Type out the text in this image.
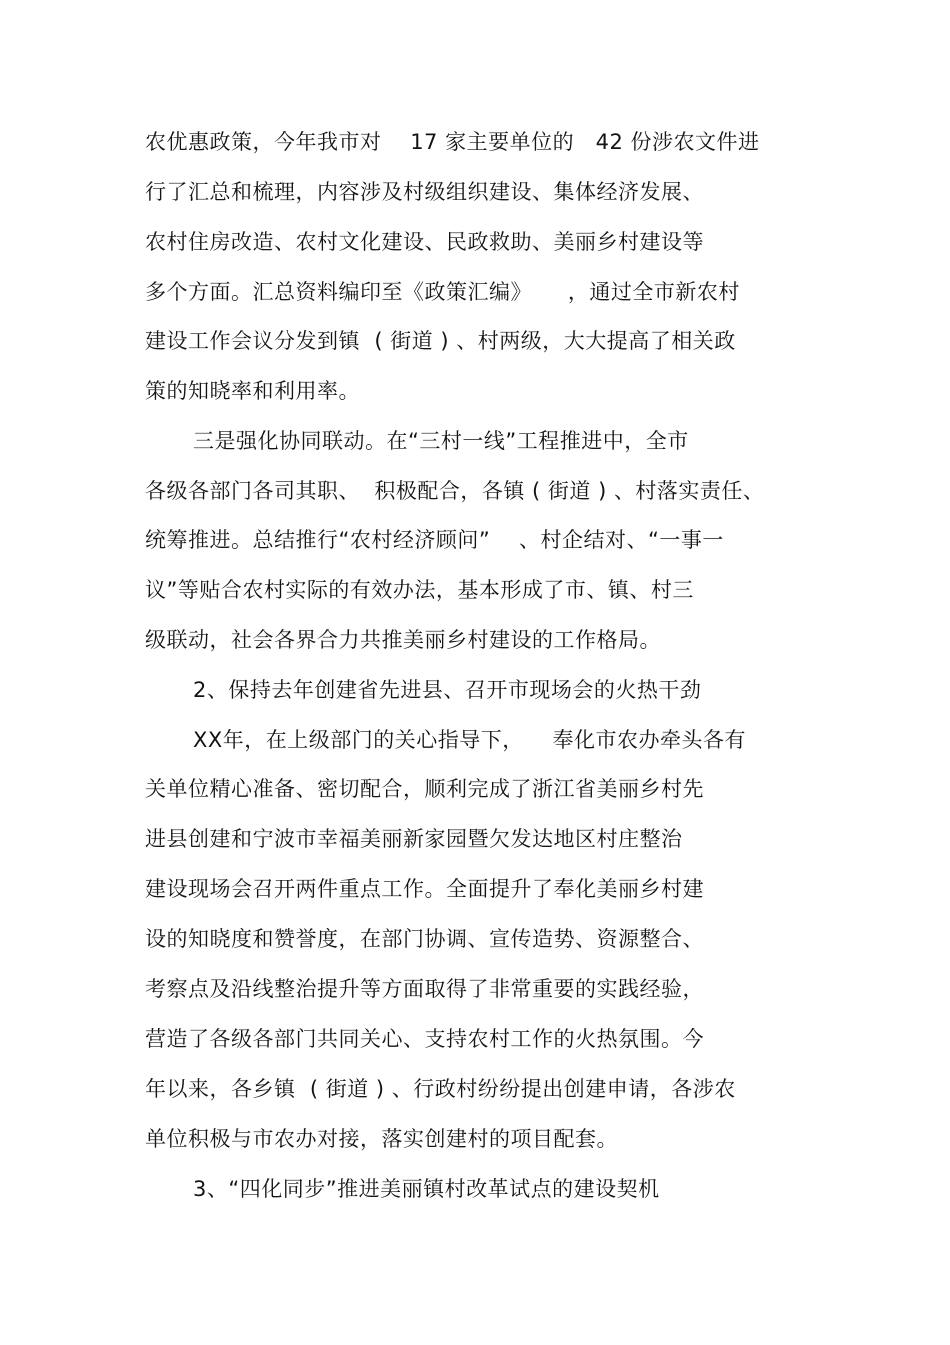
农优惠政策，今年我市对    17 家主要单位的   42 份涉农文件进

行了汇总和梳理，内容涉及村级组织建设、集体经济发展、

农村住房改造、农村文化建设、民政救助、美丽乡村建设等

多个方面。汇总资料编印至《政策汇编》     ，通过全市新农村

建设工作会议分发到镇  ( 街道 ) 、村两级，大大提高了相关政

策的知晓率和利用率。

三是强化协同联动。在“三村一线”工程推进中，全市

各级各部门各司其职、  积极配合，各镇 ( 街道 ) 、村落实责任、

统筹推进。总结推行“农村经济顾问”    、村企结对、“一事一

议”等贴合农村实际的有效办法，基本形成了市、镇、村三

级联动，社会各界合力共推美丽乡村建设的工作格局。

2、保持去年创建省先进县、召开市现场会的火热干劲

XX年，在上级部门的关心指导下，    奉化市农办牵头各有

关单位精心准备、密切配合，顺利完成了浙江省美丽乡村先

进县创建和宁波市幸福美丽新家园暨欠发达地区村庄整治

建设现场会召开两件重点工作。全面提升了奉化美丽乡村建

设的知晓度和赞誉度，在部门协调、宣传造势、资源整合、

考察点及沿线整治提升等方面取得了非常重要的实践经验，

营造了各级各部门共同关心、支持农村工作的火热氛围。今

年以来，各乡镇  ( 街道 ) 、行政村纷纷提出创建申请，各涉农

单位积极与市农办对接，落实创建村的项目配套。

3、“四化同步”推进美丽镇村改革试点的建设契机
